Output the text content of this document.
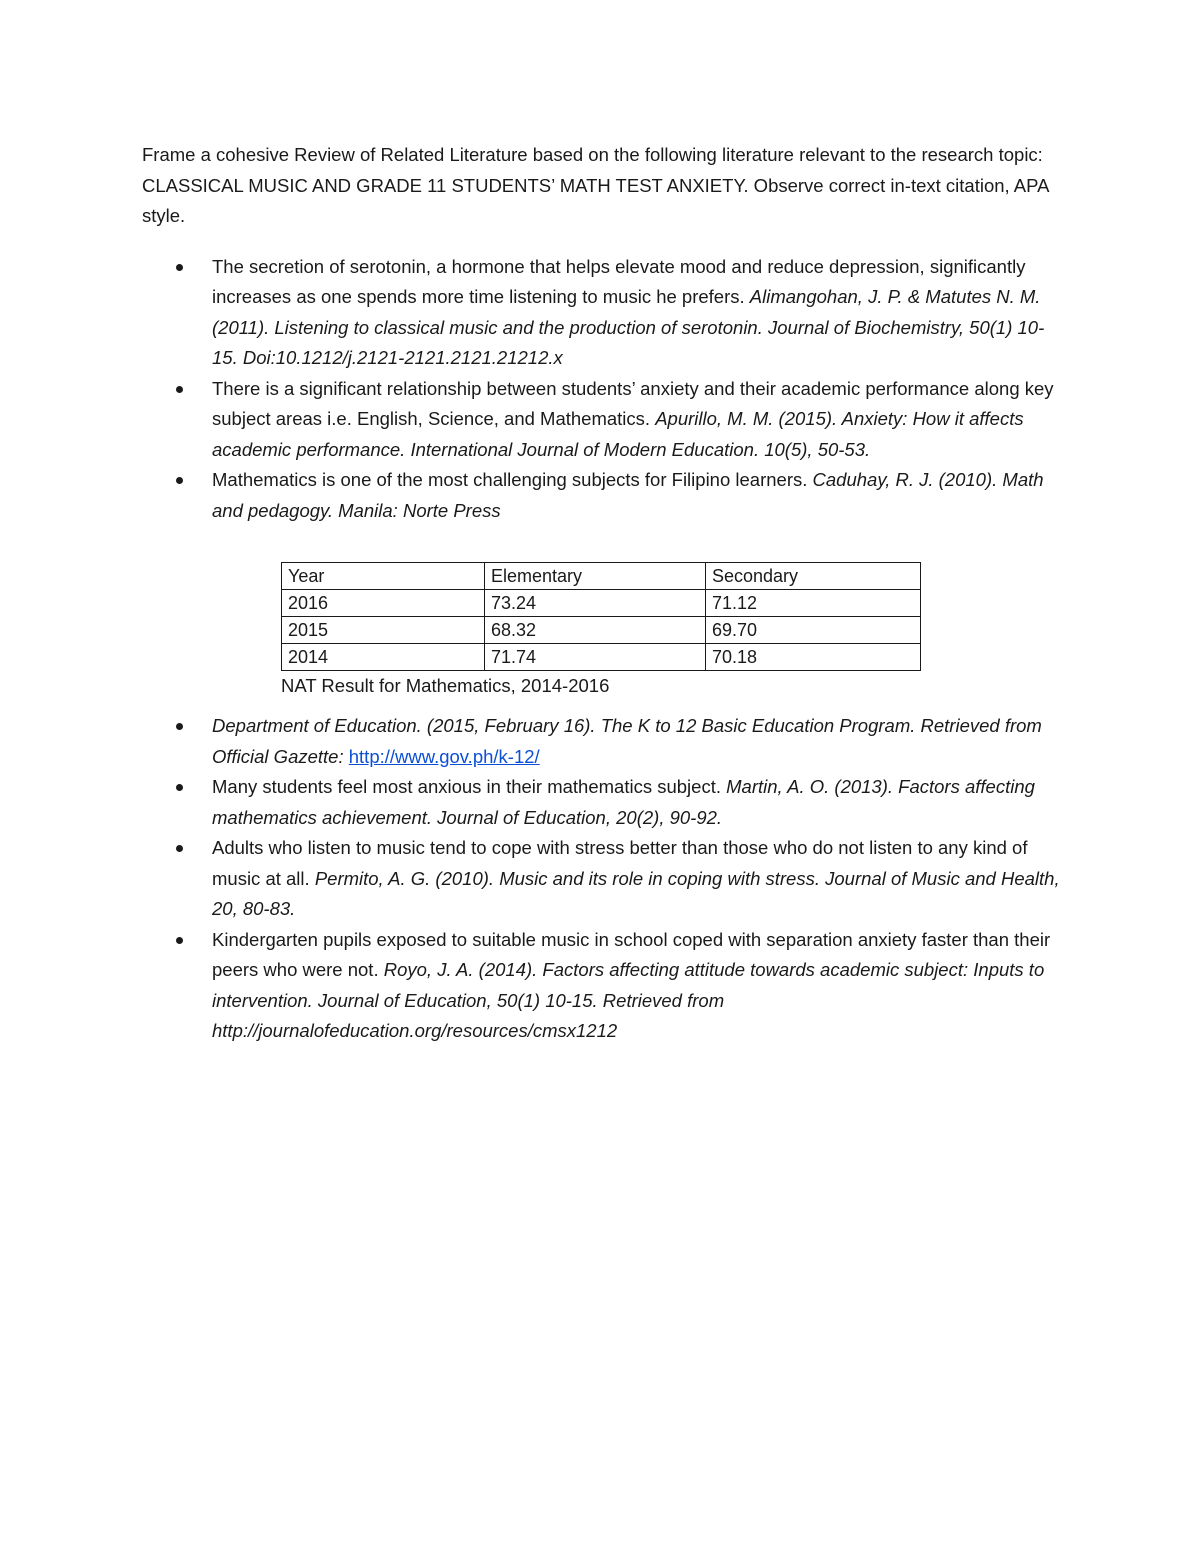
Frame a cohesive Review of Related Literature based on the following literature relevant to the research topic: CLASSICAL MUSIC AND GRADE 11 STUDENTS’ MATH TEST ANXIETY. Observe correct in-text citation, APA style.

The secretion of serotonin, a hormone that helps elevate mood and reduce depression, significantly increases as one spends more time listening to music he prefers. Alimangohan, J. P. & Matutes N. M. (2011). Listening to classical music and the production of serotonin. Journal of Biochemistry, 50(1) 10-15. Doi:10.1212/j.2121-2121.2121.21212.x
There is a significant relationship between students’ anxiety and their academic performance along key subject areas i.e. English, Science, and Mathematics. Apurillo, M. M. (2015). Anxiety: How it affects academic performance. International Journal of Modern Education. 10(5), 50-53.
Mathematics is one of the most challenging subjects for Filipino learners. Caduhay, R. J. (2010). Math and pedagogy. Manila: Norte Press
Year	Elementary	Secondary
2016	73.24	71.12
2015	68.32	69.70
2014	71.74	70.18
NAT Result for Mathematics, 2014-2016
Department of Education. (2015, February 16). The K to 12 Basic Education Program. Retrieved from Official Gazette: http://www.gov.ph/k-12/
Many students feel most anxious in their mathematics subject. Martin, A. O. (2013). Factors affecting mathematics achievement. Journal of Education, 20(2), 90-92.
Adults who listen to music tend to cope with stress better than those who do not listen to any kind of music at all. Permito, A. G. (2010). Music and its role in coping with stress. Journal of Music and Health, 20, 80-83.
Kindergarten pupils exposed to suitable music in school coped with separation anxiety faster than their peers who were not. Royo, J. A. (2014). Factors affecting attitude towards academic subject: Inputs to intervention. Journal of Education, 50(1) 10-15. Retrieved from http://journalofeducation.org/resources/cmsx1212
